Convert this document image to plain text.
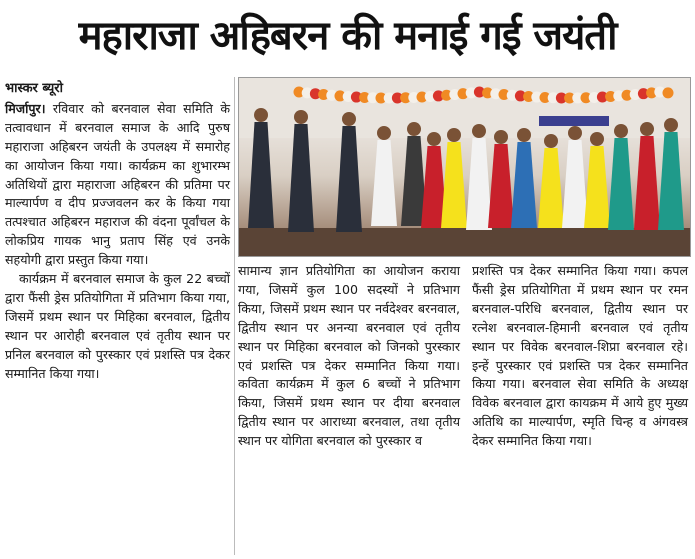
महाराजा अहिबरन की मनाई गई जयंती
भास्कर ब्यूरो

मिर्जापुर। रविवार को बरनवाल सेवा समिति के तत्वावधान में बरनवाल समाज के आदि पुरुष महाराजा अहिबरन जयंती के उपलक्ष्य में समारोह का आयोजन किया गया। कार्यक्रम का शुभारम्भ अतिथियों द्वारा महाराजा अहिबरन की प्रतिमा पर माल्यार्पण व दीप प्रज्जवलन कर के किया गया तत्पश्चात अहिबरन महाराज की वंदना पूर्वांचल के लोकप्रिय गायक भानु प्रताप सिंह एवं उनके सहयोगी द्वारा प्रस्तुत किया गया।

कार्यक्रम में बरनवाल समाज के कुल 22 बच्चों द्वारा फैंसी ड्रेस प्रतियोगिता में प्रतिभाग किया गया, जिसमें प्रथम स्थान पर मिहिका बरनवाल, द्वितीय स्थान पर आरोही बरनवाल एवं तृतीय स्थान पर प्रनिल बरनवाल को पुरस्कार एवं प्रशस्ति पत्र देकर सम्मानित किया गया।

सामान्य ज्ञान प्रतियोगिता का आयोजन कराया गया, जिसमें कुल 100 सदस्यों ने प्रतिभाग किया, जिसमें प्रथम स्थान पर नर्वदेश्वर बरनवाल, द्वितीय स्थान पर अनन्या बरनवाल एवं तृतीय स्थान पर मिहिका बरनवाल को जिनको पुरस्कार एवं प्रशस्ति पत्र देकर सम्मानित किया गया। कविता कार्यक्रम में कुल 6 बच्चों ने प्रतिभाग किया, जिसमें प्रथम स्थान पर दीया बरनवाल द्वितीय स्थान पर आराध्या बरनवाल, तथा तृतीय स्थान पर योगिता बरनवाल को पुरस्कार व

प्रशस्ति पत्र देकर सम्मानित किया गया। कपल फैंसी ड्रेस प्रतियोगिता में प्रथम स्थान पर रमन बरनवाल-परिधि बरनवाल, द्वितीय स्थान पर रत्नेश बरनवाल-हिमानी बरनवाल एवं तृतीय स्थान पर विवेक बरनवाल-शिप्रा बरनवाल रहे। इन्हें पुरस्कार एवं प्रशस्ति पत्र देकर सम्मानित किया गया। बरनवाल सेवा समिति के अध्यक्ष विवेक बरनवाल द्वारा कायक्रम में आये हुए मुख्य अतिथि का माल्यार्पण, स्मृति चिन्ह व अंगवस्त्र देकर सम्मानित किया गया।
